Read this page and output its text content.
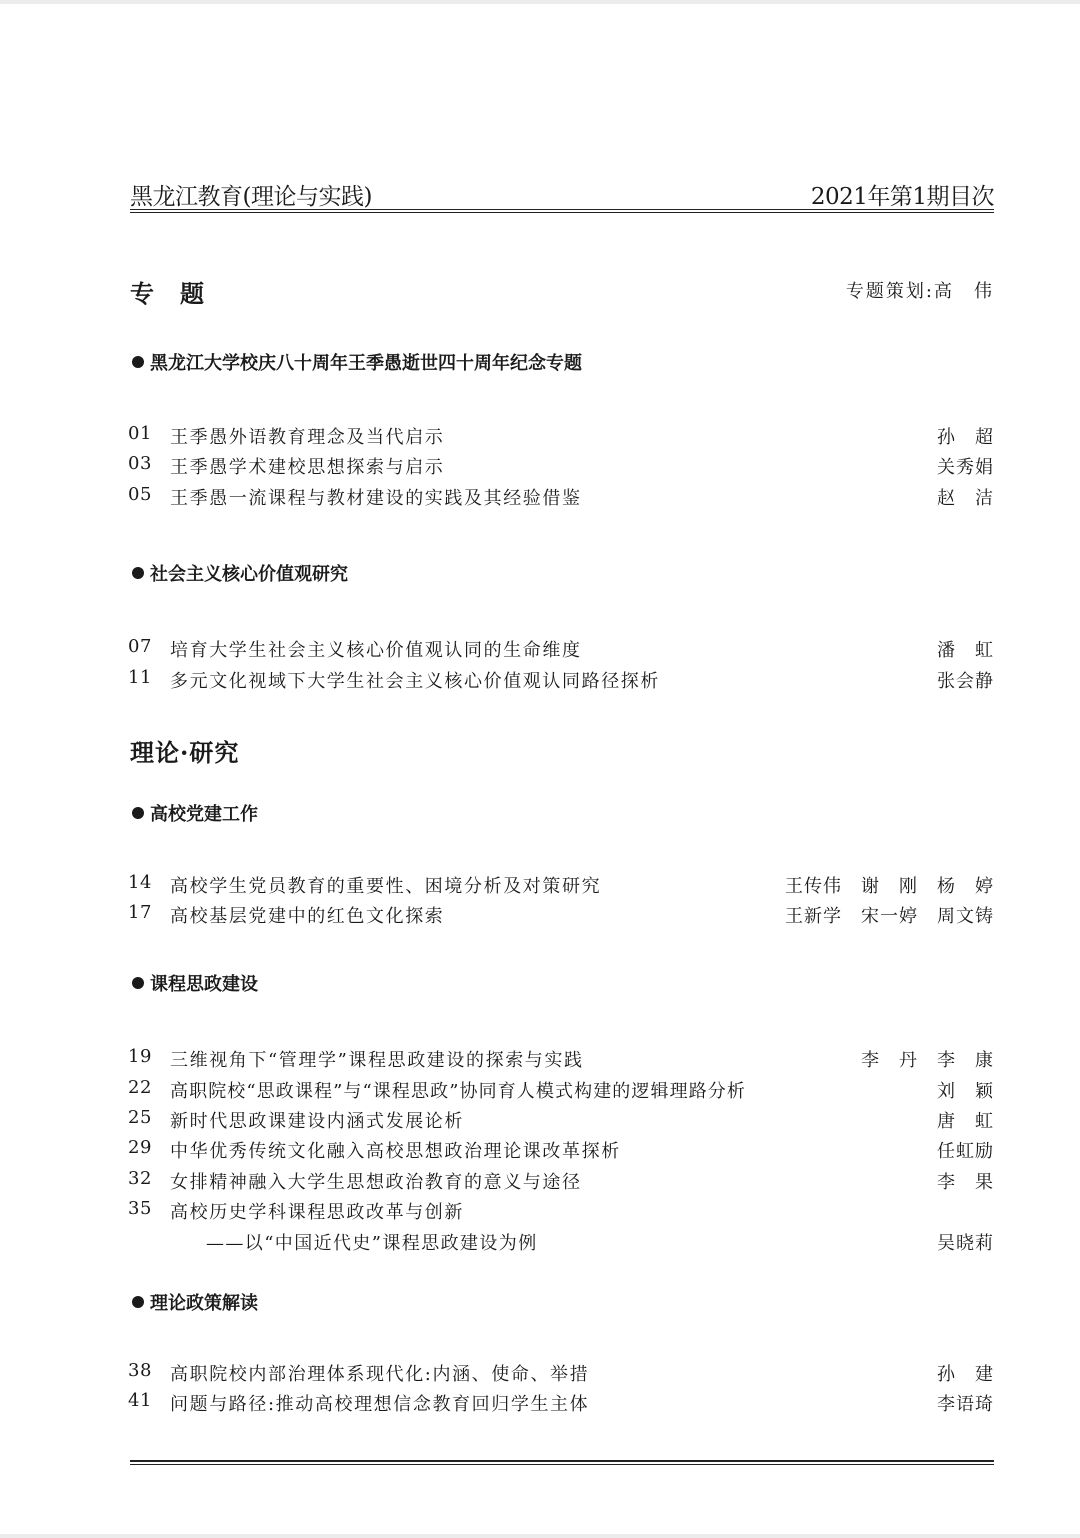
黑龙江教育(理论与实践)	2021年第1期目次
专　题	专题策划:高　伟
黑龙江大学校庆八十周年王季愚逝世四十周年纪念专题
01 王季愚外语教育理念及当代启示	孙　超
03 王季愚学术建校思想探索与启示	关秀娟
05 王季愚一流课程与教材建设的实践及其经验借鉴	赵　洁
社会主义核心价值观研究
07 培育大学生社会主义核心价值观认同的生命维度	潘　虹
11 多元文化视域下大学生社会主义核心价值观认同路径探析	张会静
理论·研究
高校党建工作
14 高校学生党员教育的重要性、困境分析及对策研究	王传伟　谢　刚　杨　婷
17 高校基层党建中的红色文化探索	王新学　宋一婷　周文铸
课程思政建设
19 三维视角下“管理学”课程思政建设的探索与实践	李　丹　李　康
22 高职院校“思政课程”与“课程思政”协同育人模式构建的逻辑理路分析	刘　颖
25 新时代思政课建设内涵式发展论析	唐　虹
29 中华优秀传统文化融入高校思想政治理论课改革探析	任虹励
32 女排精神融入大学生思想政治教育的意义与途径	李　果
35 高校历史学科课程思政改革与创新
——以“中国近代史”课程思政建设为例	吴晓莉
理论政策解读
38 高职院校内部治理体系现代化:内涵、使命、举措	孙　建
41 问题与路径:推动高校理想信念教育回归学生主体	李语琦
